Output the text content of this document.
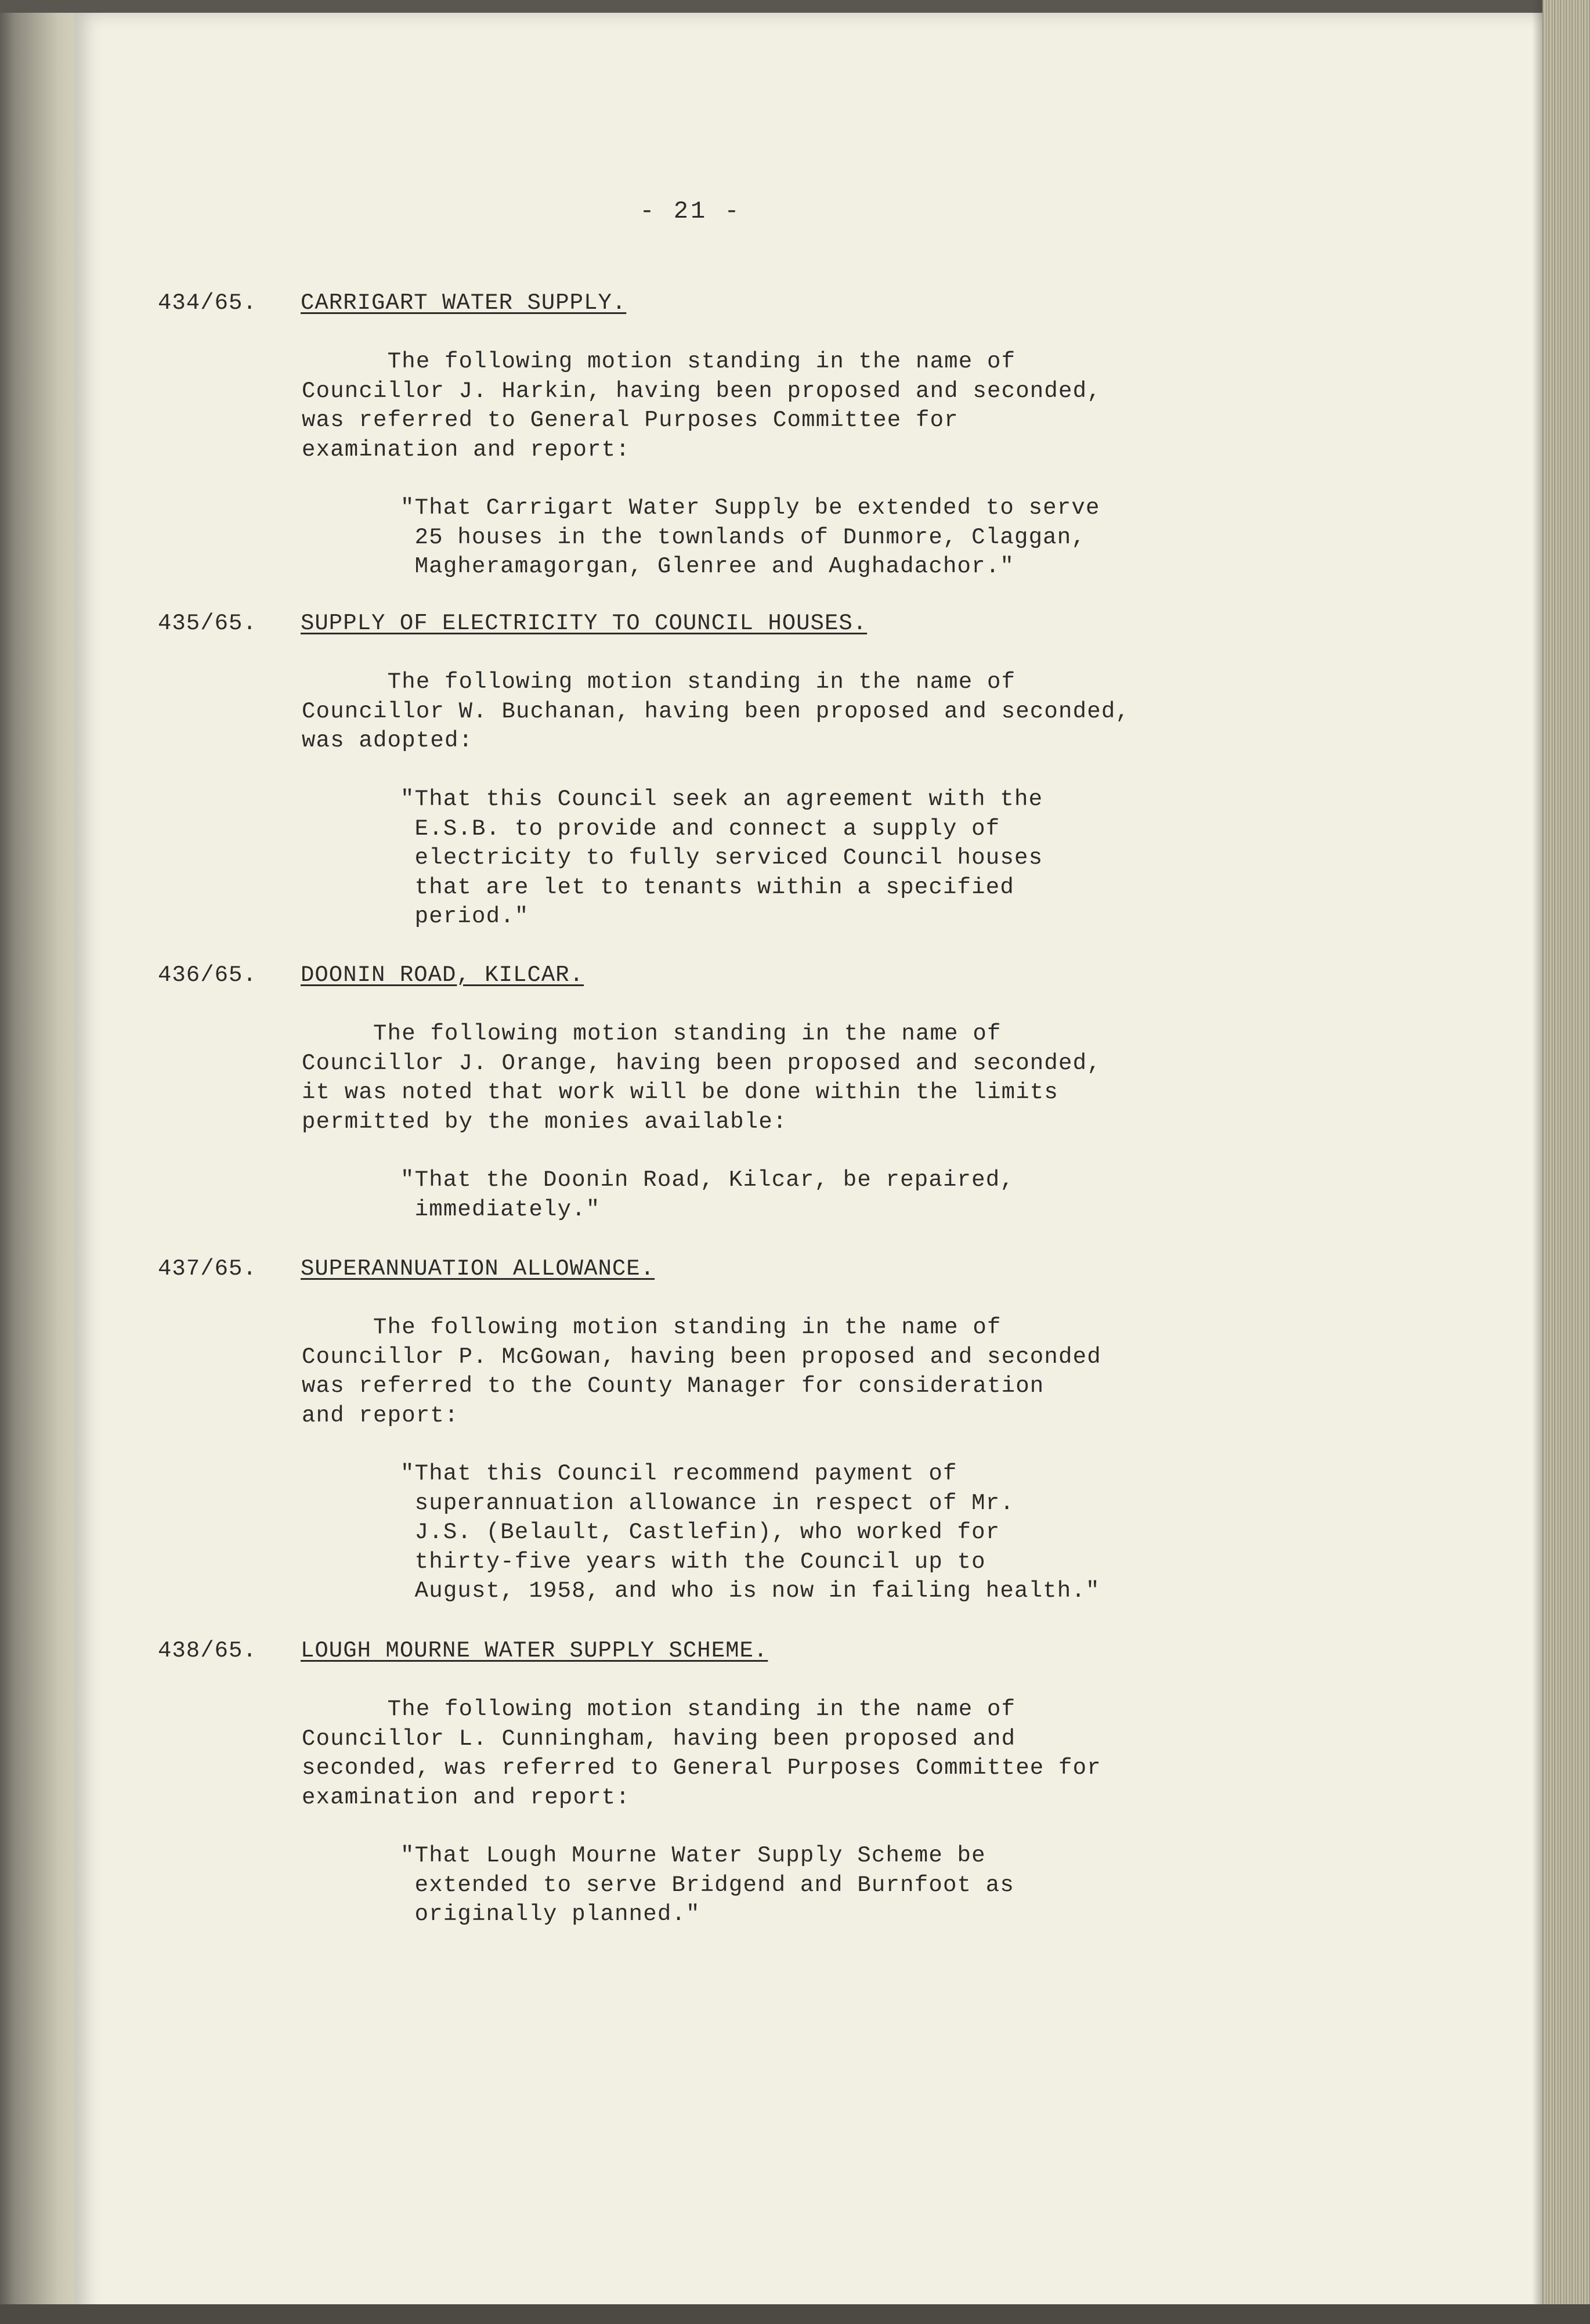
- 21 -
434/65. CARRIGART WATER SUPPLY.

The following motion standing in the name of
Councillor J. Harkin, having been proposed and seconded,
was referred to General Purposes Committee for
examination and report:

"That Carrigart Water Supply be extended to serve
25 houses in the townlands of Dunmore, Claggan,
Magheramagorgan, Glenree and Aughadachor."

435/65. SUPPLY OF ELECTRICITY TO COUNCIL HOUSES.

The following motion standing in the name of
Councillor W. Buchanan, having been proposed and seconded,
was adopted:

"That this Council seek an agreement with the
E.S.B. to provide and connect a supply of
electricity to fully serviced Council houses
that are let to tenants within a specified
period."

436/65. DOONIN ROAD, KILCAR.

The following motion standing in the name of
Councillor J. Orange, having been proposed and seconded,
it was noted that work will be done within the limits
permitted by the monies available:

"That the Doonin Road, Kilcar, be repaired,
immediately."

437/65. SUPERANNUATION ALLOWANCE.

The following motion standing in the name of
Councillor P. McGowan, having been proposed and seconded
was referred to the County Manager for consideration
and report:

"That this Council recommend payment of
superannuation allowance in respect of Mr.
J.S. (Belault, Castlefin), who worked for
thirty-five years with the Council up to
August, 1958, and who is now in failing health."

438/65. LOUGH MOURNE WATER SUPPLY SCHEME.

The following motion standing in the name of
Councillor L. Cunningham, having been proposed and
seconded, was referred to General Purposes Committee for
examination and report:

"That Lough Mourne Water Supply Scheme be
extended to serve Bridgend and Burnfoot as
originally planned."
